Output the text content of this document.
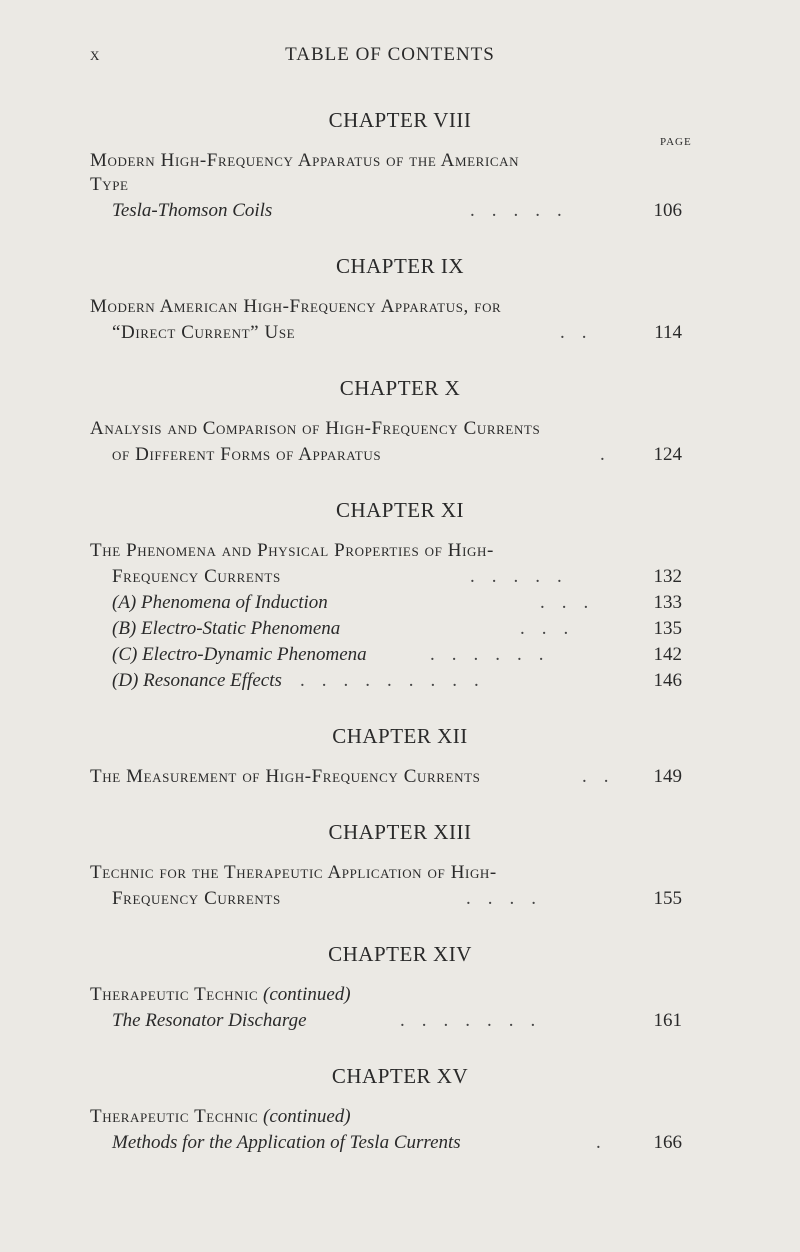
x	TABLE OF CONTENTS
CHAPTER VIII
PAGE
Modern High-Frequency Apparatus of the American
Type
Tesla-Thomson Coils	.....	106
CHAPTER IX
Modern American High-Frequency Apparatus, for
“Direct Current” Use	..	114
CHAPTER X
Analysis and Comparison of High-Frequency Currents
of Different Forms of Apparatus	.	124
CHAPTER XI
The Phenomena and Physical Properties of High-
Frequency Currents	.....	132
(A) Phenomena of Induction	...	133
(B) Electro-Static Phenomena	...	135
(C) Electro-Dynamic Phenomena	......	142
(D) Resonance Effects .........	146
CHAPTER XII
The Measurement of High-Frequency Currents	..	149
CHAPTER XIII
Technic for the Therapeutic Application of High-
Frequency Currents	....	155
CHAPTER XIV
Therapeutic Technic (continued)
The Resonator Discharge	.......	161
CHAPTER XV
Therapeutic Technic (continued)
Methods for the Application of Tesla Currents	.	166
